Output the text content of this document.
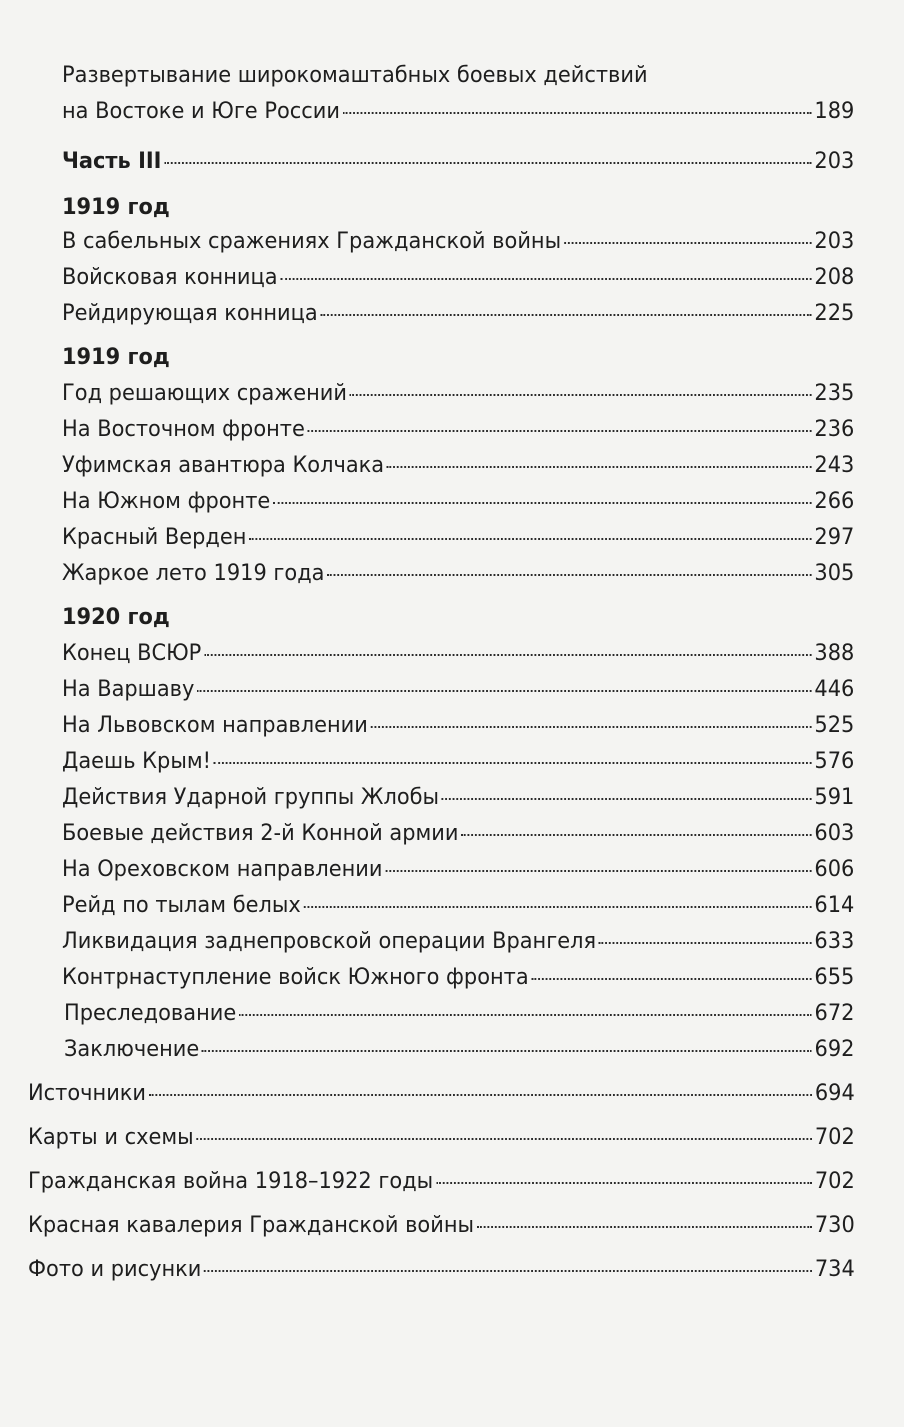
Развертывание широкомаштабных боевых действий
на Востоке и Юге России	189
Часть III	203
1919 год
В сабельных сражениях Гражданской войны	203
Войсковая конница	208
Рейдирующая конница	225
1919 год
Год решающих сражений	235
На Восточном фронте	236
Уфимская авантюра Колчака	243
На Южном фронте	266
Красный Верден	297
Жаркое лето 1919 года	305
1920 год
Конец ВСЮР	388
На Варшаву	446
На Львовском направлении	525
Даешь Крым!	576
Действия Ударной группы Жлобы	591
Боевые действия 2-й Конной армии	603
На Ореховском направлении	606
Рейд по тылам белых	614
Ликвидация заднепровской операции Врангеля	633
Контрнаступление войск Южного фронта	655
Преследование	672
Заключение	692
Источники	694
Карты и схемы	702
Гражданская война 1918–1922 годы	702
Красная кавалерия Гражданской войны	730
Фото и рисунки	734
